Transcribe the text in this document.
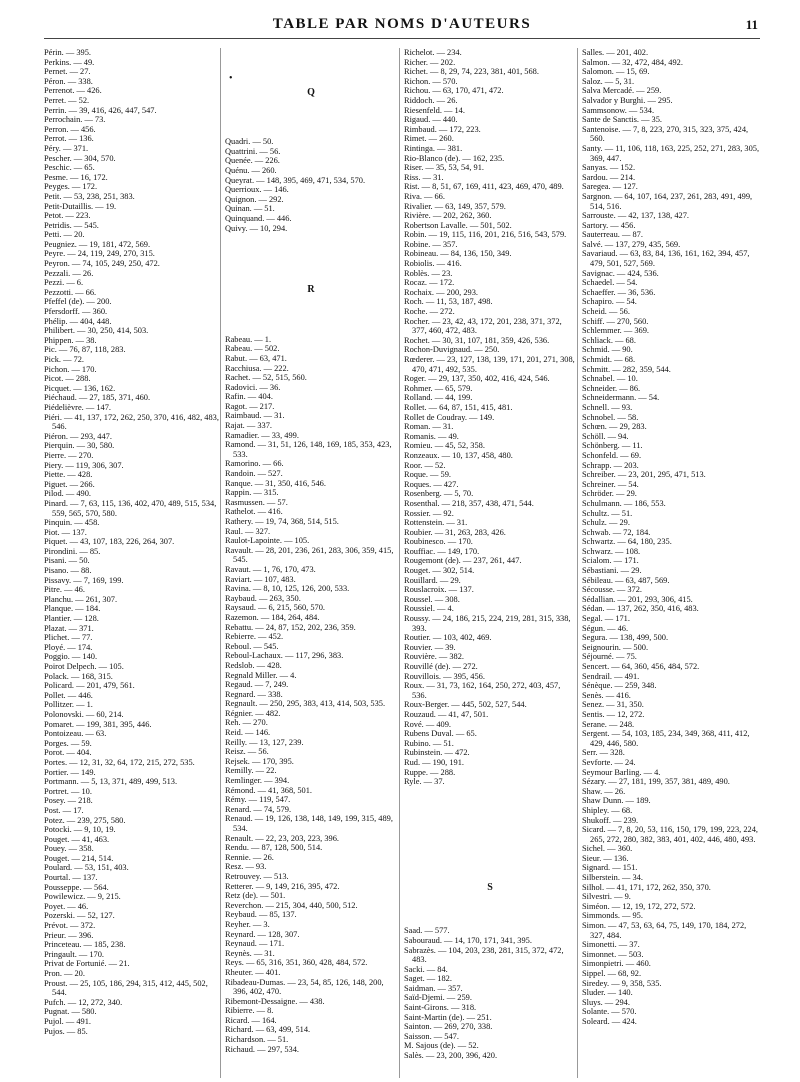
TABLE PAR NOMS D'AUTEURS	11

Périn. — 395.

Perkins. — 49.

Pernet. — 27.

Péron. — 338.

Perrenot. — 426.

Perret. — 52.

Perrin. — 39, 416, 426, 447, 547.

Perrochain. — 73.

Perron. — 456.

Perrot. — 136.

Péry. — 371.

Pescher. — 304, 570.

Peschic. — 65.

Pesme. — 16, 172.

Peyges. — 172.

Petit. — 53, 238, 251, 383.

Petit-Dutaillis. — 19.

Petot. — 223.

Petridis. — 545.

Petti. — 20.

Peugniez. — 19, 181, 472, 569.

Peyre. — 24, 119, 249, 270, 315.

Peyron. — 74, 105, 249, 250, 472.

Pezzali. — 26.

Pezzi. — 6.

Pezzotti. — 66.

Pfeffel (de). — 200.

Pfersdorff. — 360.

Phélip. — 404, 448.

Philibert. — 30, 250, 414, 503.

Phippen. — 38.

Pic. — 76, 87, 118, 283.

Pick. — 72.

Pichon. — 170.

Picot. — 288.

Picquet. — 136, 162.

Piéchaud. — 27, 185, 371, 460.

Piédelièvre. — 147.

Piéri. — 41, 137, 172, 262, 250, 370, 416, 482, 483, 546.

Piéron. — 293, 447.

Pierquin. — 30, 580.

Pierre. — 270.

Piery. — 119, 306, 307.

Piette. — 428.

Piguet. — 266.

Pilod. — 490.

Pinard. — 7, 63, 115, 136, 402, 470, 489, 515, 534, 559, 565, 570, 580.

Pinquin. — 458.

Piot. — 137.

Piquet. — 43, 107, 183, 226, 264, 307.

Pirondini. — 85.

Pisani. — 50.

Pisano. — 88.

Pissavy. — 7, 169, 199.

Pitre. — 46.

Planchu. — 261, 307.

Planque. — 184.

Plantier. — 128.

Plazat. — 371.

Plichet. — 77.

Ployé. — 174.

Poggio. — 140.

Poirot Delpech. — 105.

Polack. — 168, 315.

Policard. — 201, 479, 561.

Pollet. — 446.

Pollitzer. — 1.

Polonovski. — 60, 214.

Pomaret. — 199, 381, 395, 446.

Pontoizeau. — 63.

Porges. — 59.

Porot. — 404.

Portes. — 12, 31, 32, 64, 172, 215, 272, 535.

Portier. — 149.

Portmann. — 5, 13, 371, 489, 499, 513.

Portret. — 10.

Posey. — 218.

Post. — 17.

Potez. — 239, 275, 580.

Potocki. — 9, 10, 19.

Pouget. — 41, 463.

Pouey. — 358.

Pouget. — 214, 514.

Poulard. — 53, 151, 403.

Pourtal. — 137.

Pousseppe. — 564.

Powilewicz. — 9, 215.

Poyet. — 46.

Pozerski. — 52, 127.

Prévot. — 372.

Prieur. — 396.

Princeteau. — 185, 238.

Pringault. — 170.

Privat de Fortunié. — 21.

Pron. — 20.

Proust. — 25, 105, 186, 294, 315, 412, 445, 502, 544.

Pufch. — 12, 272, 340.

Pugnat. — 580.

Pujol. — 491.

Pujos. — 85.

•
Q

Quadri. — 50.

Quattrini. — 56.

Quenée. — 226.

Quénu. — 260.

Queyrat. — 148, 395, 469, 471, 534, 570.

Querrioux. — 146.

Quignon. — 292.

Quinan. — 51.

Quinquand. — 446.

Quivy. — 10, 294.

R

Rabeau. — 1.

Rabeau. — 502.

Rabut. — 63, 471.

Racchiusa. — 222.

Rachet. — 52, 515, 560.

Radovici. — 36.

Rafin. — 404.

Ragot. — 217.

Raimbaud. — 31.

Rajat. — 337.

Ramadier. — 33, 499.

Ramond. — 31, 51, 126, 148, 169, 185, 353, 423, 533.

Ramorino. — 66.

Randoin. — 527.

Ranque. — 31, 350, 416, 546.

Rappin. — 315.

Rasmussen. — 57.

Rathelot. — 416.

Rathery. — 19, 74, 368, 514, 515.

Raul. — 327.

Raulot-Lapointe. — 105.

Ravault. — 28, 201, 236, 261, 283, 306, 359, 415, 545.

Ravaut. — 1, 76, 170, 473.

Raviart. — 107, 483.

Ravina. — 8, 10, 125, 126, 200, 533.

Raybaud. — 263, 350.

Raysaud. — 6, 215, 560, 570.

Razemon. — 184, 264, 484.

Rebattu. — 24, 87, 152, 202, 236, 359.

Rebierre. — 452.

Reboul. — 545.

Reboul-Lachaux. — 117, 296, 383.

Redslob. — 428.

Regnald Miller. — 4.

Regaud. — 7, 249.

Regnard. — 338.

Regnault. — 250, 295, 383, 413, 414, 503, 535.

Régnier. — 482.

Reh. — 270.

Reid. — 146.

Reilly. — 13, 127, 239.

Reisz. — 56.

Rejsek. — 170, 395.

Remilly. — 22.

Remlinger. — 394.

Rémond. — 41, 368, 501.

Rémy. — 119, 547.

Renard. — 74, 579.

Renaud. — 19, 126, 138, 148, 149, 199, 315, 489, 534.

Renault. — 22, 23, 203, 223, 396.

Rendu. — 87, 128, 500, 514.

Rennie. — 26.

Resz. — 93.

Retrouvey. — 513.

Retterer. — 9, 149, 216, 395, 472.

Retz (de). — 501.

Reverchon. — 215, 304, 440, 500, 512.

Reybaud. — 85, 137.

Reyher. — 3.

Reynard. — 128, 307.

Reynaud. — 171.

Reynès. — 31.

Reys. — 65, 316, 351, 360, 428, 484, 572.

Rheuter. — 401.

Ribadeau-Dumas. — 23, 54, 85, 126, 148, 200, 396, 402, 470.

Ribemont-Dessaigne. — 438.

Ribierre. — 8.

Ricard. — 164.

Richard. — 63, 499, 514.

Richardson. — 51.

Richaud. — 297, 534.

Richelot. — 234.

Richer. — 202.

Richet. — 8, 29, 74, 223, 381, 401, 568.

Richon. — 570.

Richou. — 63, 170, 471, 472.

Riddoch. — 26.

Riesenfeld. — 14.

Rigaud. — 440.

Rimbaud. — 172, 223.

Rimet. — 260.

Rintinga. — 381.

Rio-Blanco (de). — 162, 235.

Riser. — 35, 53, 54, 91.

Riss. — 31.

Rist. — 8, 51, 67, 169, 411, 423, 469, 470, 489.

Riva. — 66.

Rivalier. — 63, 149, 357, 579.

Rivière. — 202, 262, 360.

Robertson Lavalle. — 501, 502.

Robin. — 19, 115, 116, 201, 216, 516, 543, 579.

Robine. — 357.

Robineau. — 84, 136, 150, 349.

Robiolis. — 416.

Roblès. — 23.

Rocaz. — 172.

Rochaix. — 200, 293.

Roch. — 11, 53, 187, 498.

Roche. — 272.

Rocher. — 23, 42, 43, 172, 201, 238, 371, 372, 377, 460, 472, 483.

Rochet. — 30, 31, 107, 181, 359, 426, 536.

Rochon-Duvignaud. — 250.

Rœderer. — 23, 127, 138, 139, 171, 201, 271, 308, 470, 471, 492, 535.

Roger. — 29, 137, 350, 402, 416, 424, 546.

Rohmer. — 65, 579.

Rolland. — 44, 199.

Rollet. — 64, 87, 151, 415, 481.

Rollet de Coudray. — 149.

Roman. — 31.

Romanis. — 49.

Romieu. — 45, 52, 358.

Ronzeaux. — 10, 137, 458, 480.

Roor. — 52.

Roque. — 59.

Roques. — 427.

Rosenberg. — 5, 70.

Rosenthal. — 218, 357, 438, 471, 544.

Rossier. — 92.

Rottenstein. — 31.

Roubier. — 31, 263, 283, 426.

Roubinesco. — 170.

Rouffiac. — 149, 170.

Rougemont (de). — 237, 261, 447.

Rouget. — 302, 514.

Rouillard. — 29.

Rouslacroix. — 137.

Roussel. — 308.

Roussiel. — 4.

Roussy. — 24, 186, 215, 224, 219, 281, 315, 338, 393.

Routier. — 103, 402, 469.

Rouvier. — 39.

Rouvière. — 382.

Rouvillé (de). — 272.

Rouvillois. — 395, 456.

Roux. — 31, 73, 162, 164, 250, 272, 403, 457, 536.

Roux-Berger. — 445, 502, 527, 544.

Rouzaud. — 41, 47, 501.

Rové. — 409.

Rubens Duval. — 65.

Rubino. — 51.

Rubinstein. — 472.

Rud. — 190, 191.

Ruppe. — 288.

Ryle. — 37.

S

Saad. — 577.

Sabouraud. — 14, 170, 171, 341, 395.

Sabrazès. — 104, 203, 238, 281, 315, 372, 472, 483.

Sacki. — 84.

Saget. — 182.

Saidman. — 357.

Saïd-Djemi. — 259.

Saint-Girons. — 318.

Saint-Martin (de). — 251.

Sainton. — 269, 270, 338.

Saisson. — 547.

M. Sajous (de). — 52.

Salès. — 23, 200, 396, 420.

Salles. — 201, 402.

Salmon. — 32, 472, 484, 492.

Salomon. — 15, 69.

Saloz. — 5, 31.

Salva Mercadé. — 259.

Salvador y Burghi. — 295.

Sammsonow. — 534.

Sante de Sanctis. — 35.

Santenoise. — 7, 8, 223, 270, 315, 323, 375, 424, 560.

Santy. — 11, 106, 118, 163, 225, 252, 271, 283, 305, 369, 447.

Sanyas. — 152.

Sardou. — 214.

Saregea. — 127.

Sargnon. — 64, 107, 164, 237, 261, 283, 491, 499, 514, 516.

Sarrouste. — 42, 137, 138, 427.

Sartory. — 456.

Sauterreau. — 87.

Salvé. — 137, 279, 435, 569.

Savariaud. — 63, 83, 84, 136, 161, 162, 394, 457, 479, 501, 527, 569.

Savignac. — 424, 536.

Schaedel. — 54.

Schaeffer. — 36, 536.

Schapiro. — 54.

Scheid. — 56.

Schiff. — 270, 560.

Schlemmer. — 369.

Schliack. — 68.

Schmid. — 90.

Schmidt. — 68.

Schmitt. — 282, 359, 544.

Schnabel. — 10.

Schneider. — 86.

Schneidermann. — 54.

Schnell. — 93.

Schnobel. — 58.

Schœn. — 29, 283.

Schöll. — 94.

Schönberg. — 11.

Schonfeld. — 69.

Schrapp. — 203.

Schreiber. — 23, 201, 295, 471, 513.

Schreiner. — 54.

Schröder. — 29.

Schulmann. — 186, 553.

Schultz. — 51.

Schulz. — 29.

Schwab. — 72, 184.

Schwartz. — 64, 180, 235.

Schwarz. — 108.

Scialom. — 171.

Sébastiani. — 29.

Sébileau. — 63, 487, 569.

Sécousse. — 372.

Sédallian. — 201, 293, 306, 415.

Sédan. — 137, 262, 350, 416, 483.

Segal. — 171.

Ségun. — 46.

Segura. — 138, 499, 500.

Seignourin. — 500.

Séjourné. — 75.

Sencert. — 64, 360, 456, 484, 572.

Sendrail. — 491.

Sénèque. — 259, 348.

Senès. — 416.

Senez. — 31, 350.

Sentis. — 12, 272.

Serane. — 248.

Sergent. — 54, 103, 185, 234, 349, 368, 411, 412, 429, 446, 580.

Serr. — 328.

Sevforte. — 24.

Seymour Barling. — 4.

Sézary. — 27, 181, 199, 357, 381, 489, 490.

Shaw. — 26.

Shaw Dunn. — 189.

Shipley. — 68.

Shukoff. — 239.

Sicard. — 7, 8, 20, 53, 116, 150, 179, 199, 223, 224, 265, 272, 280, 382, 383, 401, 402, 446, 480, 493.

Sichel. — 360.

Sieur. — 136.

Signard. — 151.

Silberstein. — 34.

Silhol. — 41, 171, 172, 262, 350, 370.

Silvestri. — 9.

Siméon. — 12, 19, 172, 272, 572.

Simmonds. — 95.

Simon. — 47, 53, 63, 64, 75, 149, 170, 184, 272, 327, 484.

Simonetti. — 37.

Simonnet. — 503.

Simonpietri. — 460.

Sippel. — 68, 92.

Siredey. — 9, 358, 535.

Sluder. — 140.

Sluys. — 294.

Solante. — 570.

Soleard. — 424.
